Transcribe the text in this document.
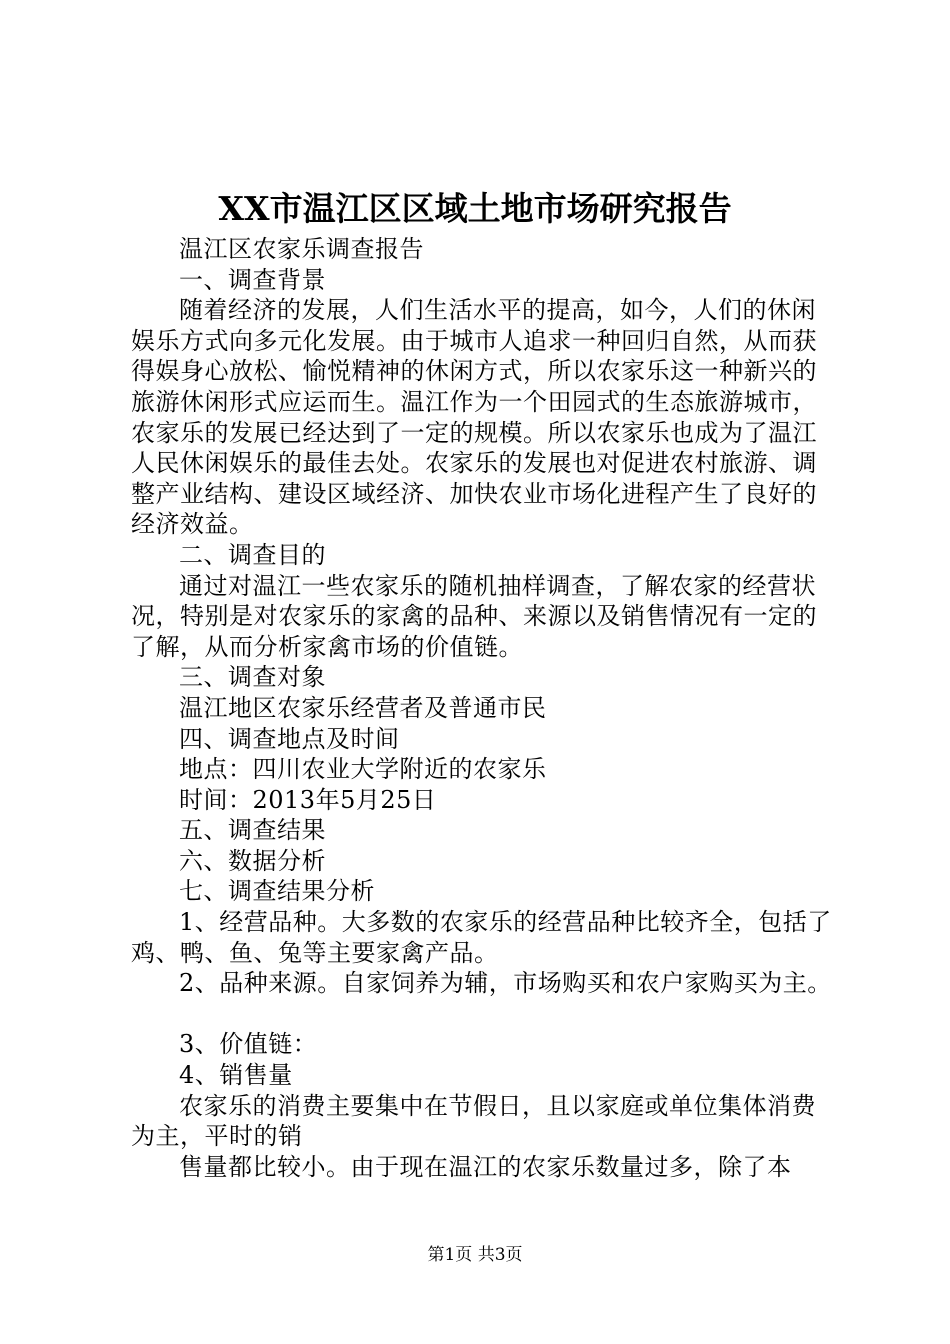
XX市温江区区域土地市场研究报告

温江区农家乐调查报告

一、调查背景

随着经济的发展，人们生活水平的提高，如今，人们的休闲娱乐方式向多元化发展。由于城市人追求一种回归自然，从而获得娱身心放松、愉悦精神的休闲方式，所以农家乐这一种新兴的旅游休闲形式应运而生。温江作为一个田园式的生态旅游城市，农家乐的发展已经达到了一定的规模。所以农家乐也成为了温江人民休闲娱乐的最佳去处。农家乐的发展也对促进农村旅游、调整产业结构、建设区域经济、加快农业市场化进程产生了良好的经济效益。

二、调查目的

通过对温江一些农家乐的随机抽样调查，了解农家的经营状况，特别是对农家乐的家禽的品种、来源以及销售情况有一定的了解，从而分析家禽市场的价值链。

三、调查对象

温江地区农家乐经营者及普通市民

四、调查地点及时间

地点：四川农业大学附近的农家乐

时间：2013年5月25日

五、调查结果

六、数据分析

七、调查结果分析

1、经营品种。大多数的农家乐的经营品种比较齐全，包括了鸡、鸭、鱼、兔等主要家禽产品。

2、品种来源。自家饲养为辅，市场购买和农户家购买为主。

3、价值链：

4、销售量

农家乐的消费主要集中在节假日，且以家庭或单位集体消费为主，平时的销

售量都比较小。由于现在温江的农家乐数量过多，除了本

第1页 共3页
